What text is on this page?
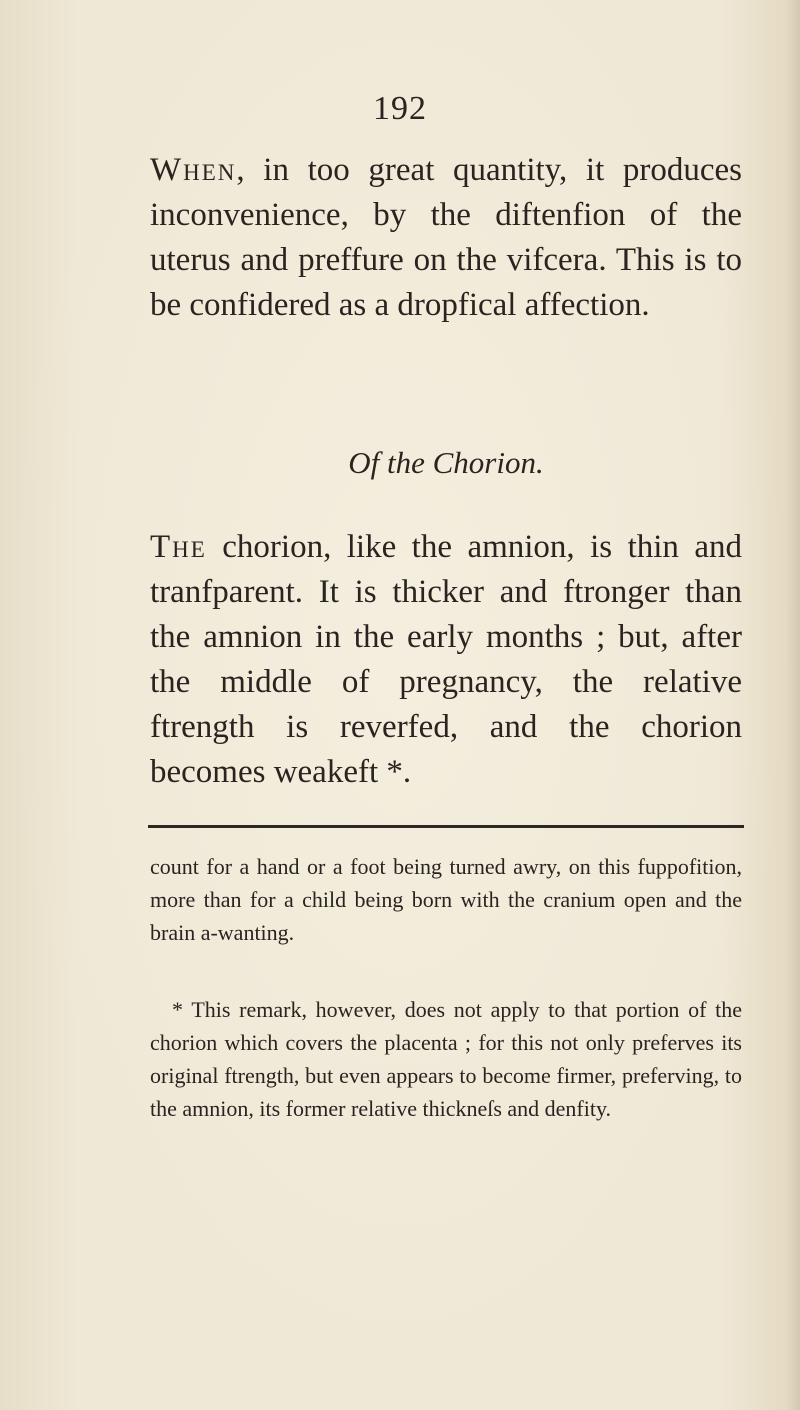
192

When, in too great quantity, it produces inconvenience, by the diftenfion of the uterus and preffure on the vifcera. This is to be confidered as a dropfical affection.

Of the Chorion.

The chorion, like the amnion, is thin and tranfparent. It is thicker and ftronger than the amnion in the early months ; but, after the middle of pregnancy, the relative ftrength is reverfed, and the chorion becomes weakeft *.

count for a hand or a foot being turned awry, on this fuppofition, more than for a child being born with the cranium open and the brain a-wanting.

* This remark, however, does not apply to that portion of the chorion which covers the placenta ; for this not only preferves its original ftrength, but even appears to become firmer, preferving, to the amnion, its former relative thickneſs and denfity.
